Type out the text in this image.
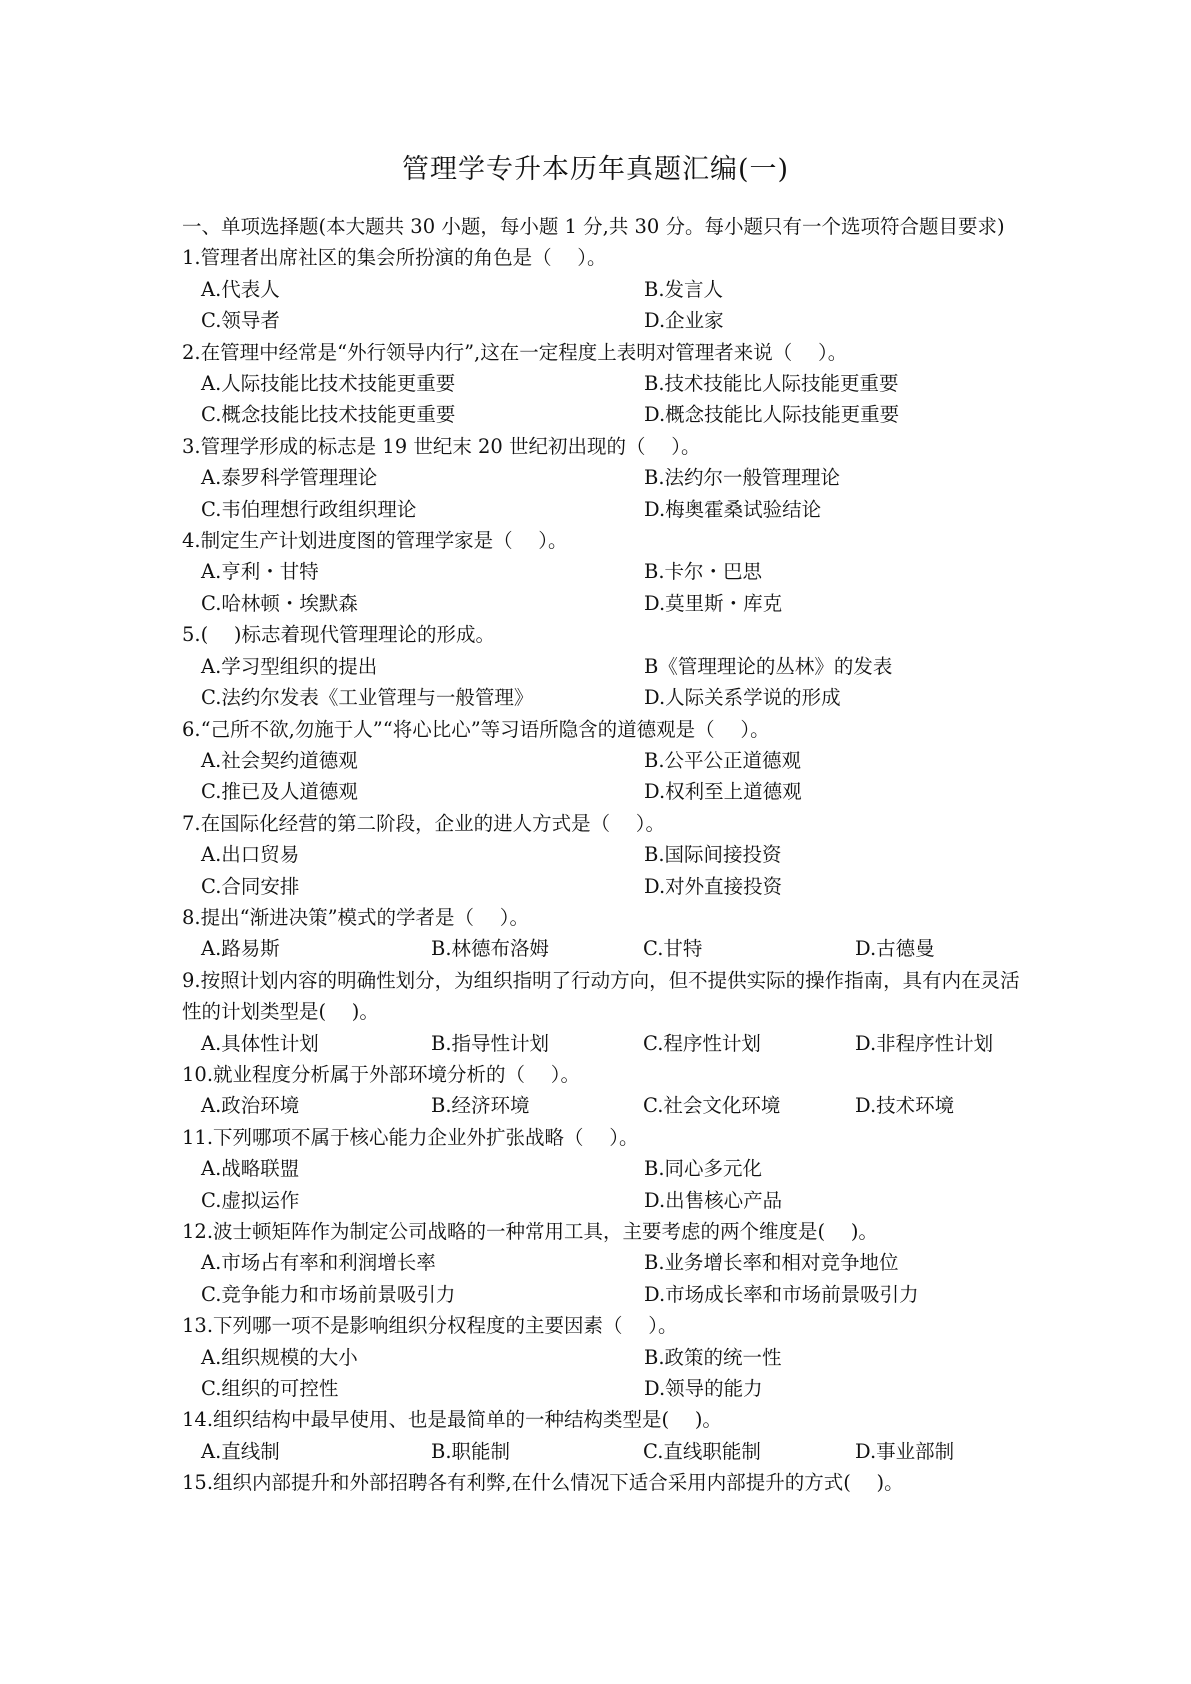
管理学专升本历年真题汇编(一)
一、单项选择题(本大题共 30 小题，每小题 1 分,共 30 分。每小题只有一个选项符合题目要求)
1.管理者出席社区的集会所扮演的角色是（　 ）。
A.代表人	B.发言人
C.领导者	D.企业家
2.在管理中经常是“外行领导内行”,这在一定程度上表明对管理者来说（　 ）。
A.人际技能比技术技能更重要	B.技术技能比人际技能更重要
C.概念技能比技术技能更重要	D.概念技能比人际技能更重要
3.管理学形成的标志是 19 世纪末 20 世纪初出现的（　 ）。
A.泰罗科学管理理论	B.法约尔一般管理理论
C.韦伯理想行政组织理论	D.梅奥霍桑试验结论
4.制定生产计划进度图的管理学家是（　 ）。
A.亨利・甘特	B.卡尔・巴思
C.哈林顿・埃默森	D.莫里斯・库克
5.(　 )标志着现代管理理论的形成。
A.学习型组织的提出	B《管理理论的丛林》的发表
C.法约尔发表《工业管理与一般管理》	D.人际关系学说的形成
6.“己所不欲,勿施于人”“将心比心”等习语所隐含的道德观是（　 ）。
A.社会契约道德观	B.公平公正道德观
C.推已及人道德观	D.权利至上道德观
7.在国际化经营的第二阶段，企业的进人方式是（　 ）。
A.出口贸易	B.国际间接投资
C.合同安排	D.对外直接投资
8.提出“渐进决策”模式的学者是（　 ）。
A.路易斯	B.林德布洛姆	C.甘特	D.古德曼
9.按照计划内容的明确性划分，为组织指明了行动方向，但不提供实际的操作指南，具有内在灵活性的计划类型是(　 )。
A.具体性计划	B.指导性计划	C.程序性计划	D.非程序性计划
10.就业程度分析属于外部环境分析的（　 ）。
A.政治环境	B.经济环境	C.社会文化环境	D.技术环境
11.下列哪项不属于核心能力企业外扩张战略（　 ）。
A.战略联盟	B.同心多元化
C.虚拟运作	D.出售核心产品
12.波士顿矩阵作为制定公司战略的一种常用工具，主要考虑的两个维度是(　 )。
A.市场占有率和利润增长率	B.业务增长率和相对竞争地位
C.竞争能力和市场前景吸引力	D.市场成长率和市场前景吸引力
13.下列哪一项不是影响组织分权程度的主要因素（　 ）。
A.组织规模的大小	B.政策的统一性
C.组织的可控性	D.领导的能力
14.组织结构中最早使用、也是最简单的一种结构类型是(　 )。
A.直线制	B.职能制	C.直线职能制	D.事业部制
15.组织内部提升和外部招聘各有利弊,在什么情况下适合采用内部提升的方式(　 )。
